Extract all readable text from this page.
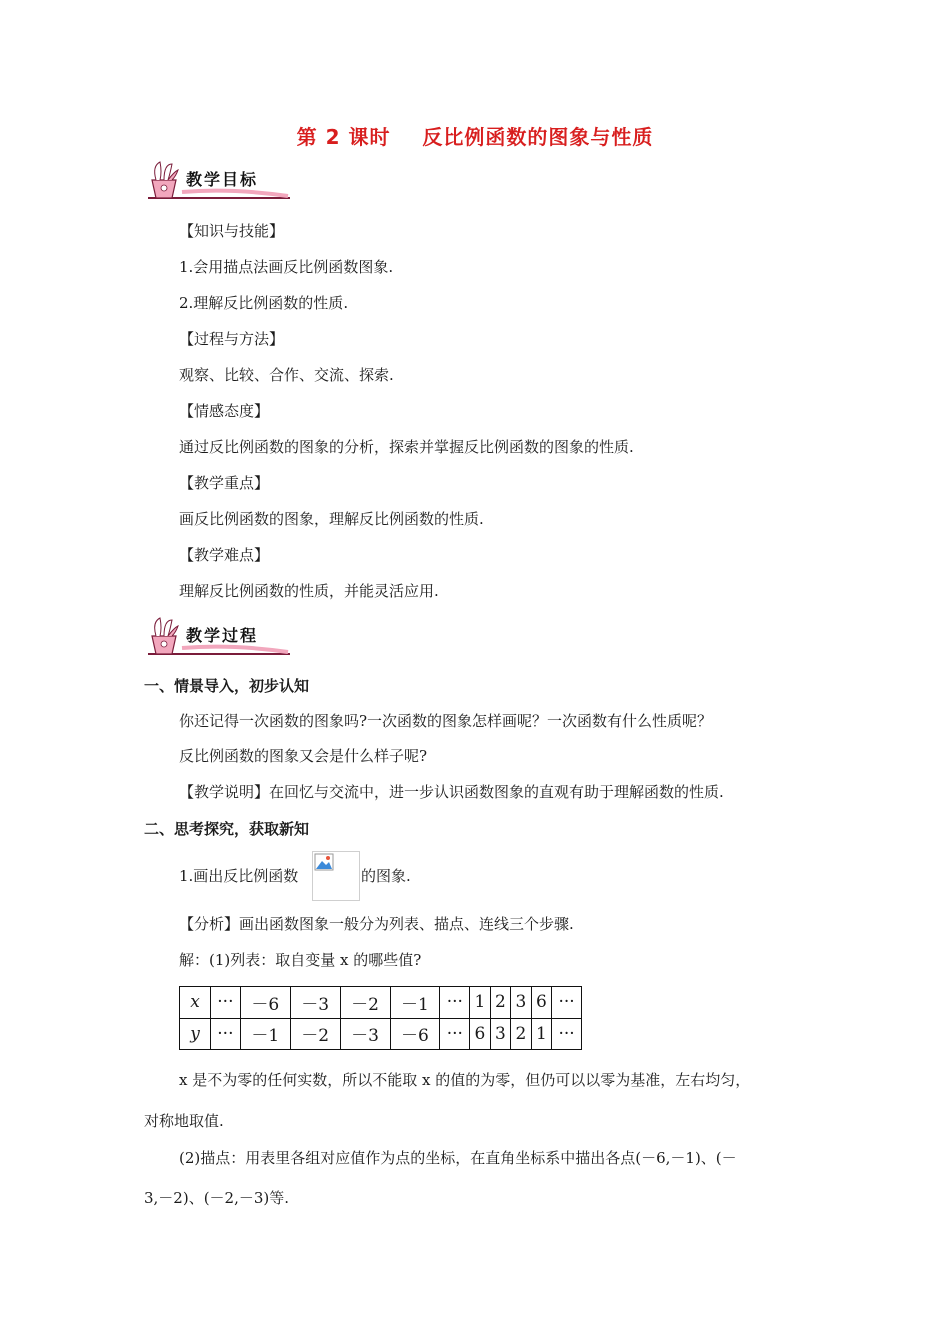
第 2 课时    反比例函数的图象与性质
教学目标
【知识与技能】
1.会用描点法画反比例函数图象.
2.理解反比例函数的性质.
【过程与方法】
观察、比较、合作、交流、探索.
【情感态度】
通过反比例函数的图象的分析，探索并掌握反比例函数的图象的性质.
【教学重点】
画反比例函数的图象，理解反比例函数的性质.
【教学难点】
理解反比例函数的性质，并能灵活应用.
教学过程
一、情景导入，初步认知
你还记得一次函数的图象吗?一次函数的图象怎样画呢？一次函数有什么性质呢？
反比例函数的图象又会是什么样子呢?
【教学说明】在回忆与交流中，进一步认识函数图象的直观有助于理解函数的性质.
二、思考探究，获取新知
1.画出反比例函数	的图象.
【分析】画出函数图象一般分为列表、描点、连线三个步骤.
解：(1)列表：取自变量 x 的哪些值?
x	···	－6	－3	－2	－1	···	1	2	3	6	···
y	···	－1	－2	－3	－6	···	6	3	2	1	···
x 是不为零的任何实数，所以不能取 x 的值的为零，但仍可以以零为基准，左右均匀，
对称地取值.
(2)描点：用表里各组对应值作为点的坐标，在直角坐标系中描出各点(－6,－1)、(－
3,－2)、(－2,－3)等.
